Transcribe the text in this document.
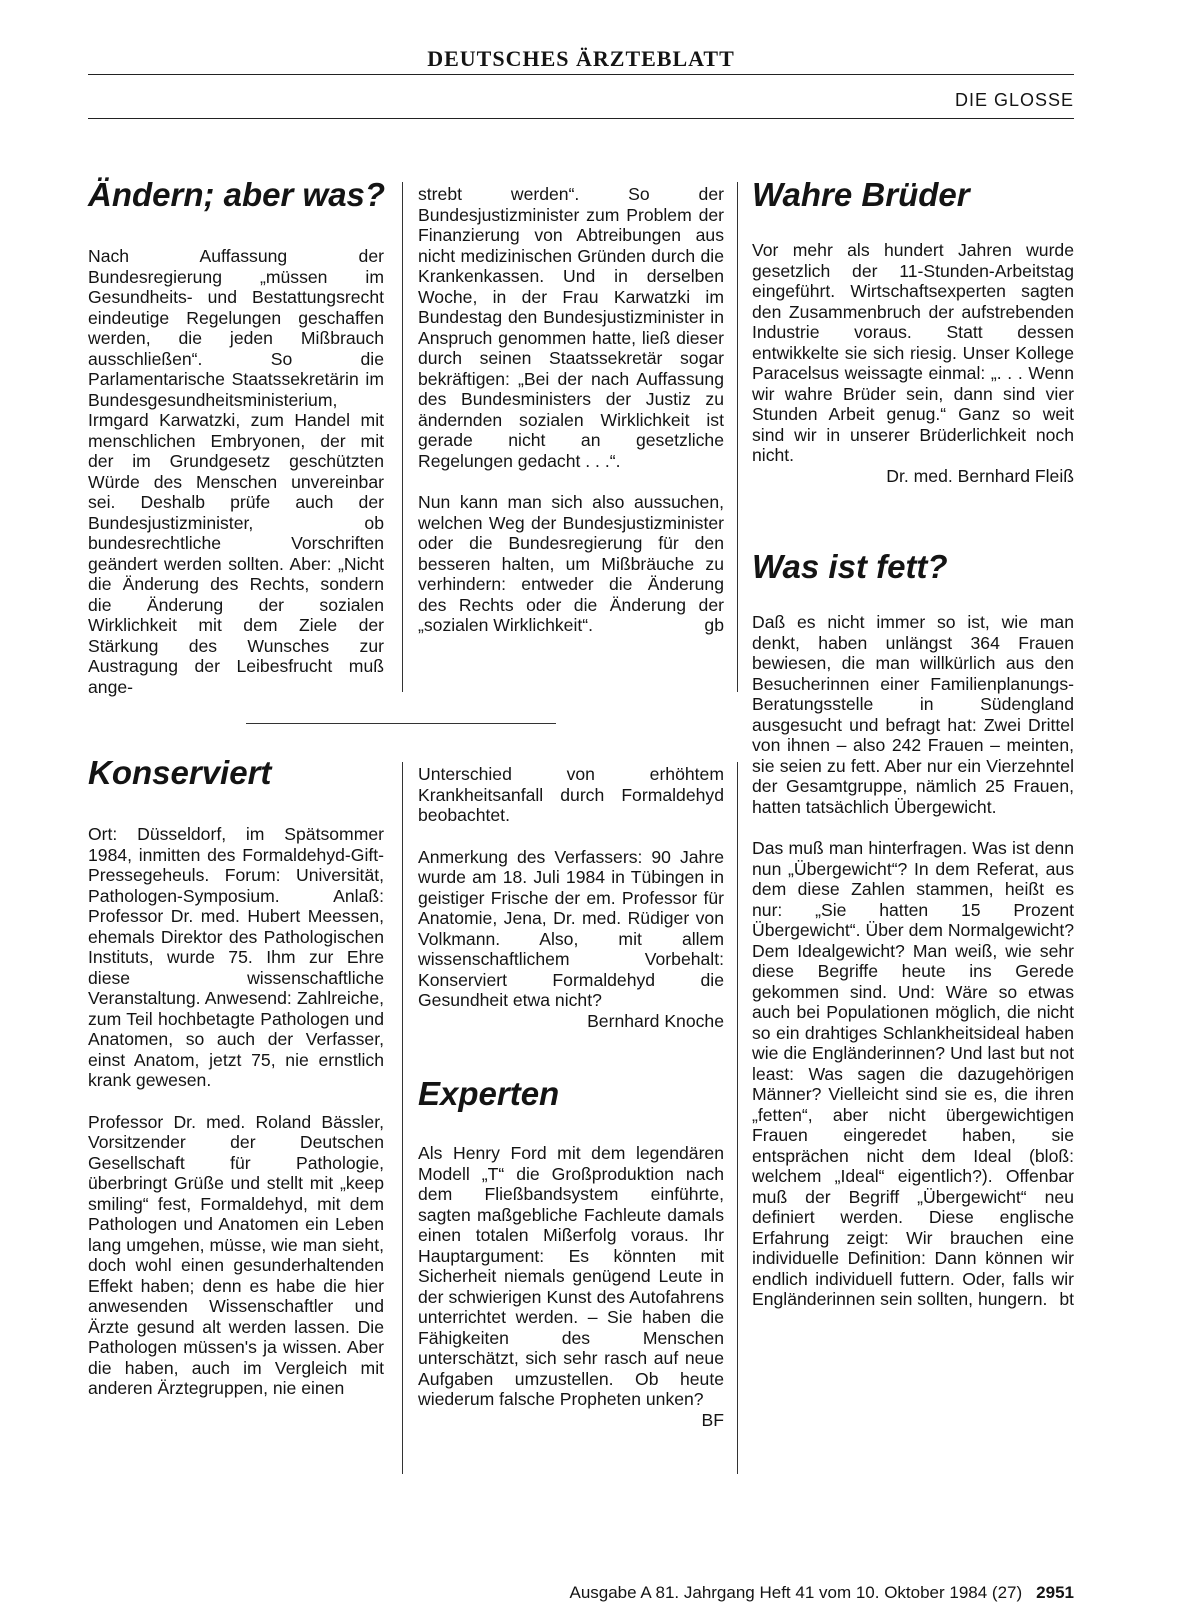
DEUTSCHES ÄRZTEBLATT
DIE GLOSSE
Ändern; aber was?

Nach Auffassung der Bundesregierung „müssen im Gesundheits- und Bestattungsrecht eindeutige Regelungen geschaffen werden, die jeden Mißbrauch ausschließen“. So die Parlamentarische Staatssekretärin im Bundesgesundheitsministerium, Irmgard Karwatzki, zum Handel mit menschlichen Embryonen, der mit der im Grundgesetz geschützten Würde des Menschen unvereinbar sei. Deshalb prüfe auch der Bundesjustizminister, ob bundesrechtliche Vorschriften geändert werden sollten. Aber: „Nicht die Änderung des Rechts, sondern die Änderung der sozialen Wirklichkeit mit dem Ziele der Stärkung des Wunsches zur Austragung der Leibesfrucht muß ange-

strebt werden“. So der Bundesjustizminister zum Problem der Finanzierung von Abtreibungen aus nicht medizinischen Gründen durch die Krankenkassen. Und in derselben Woche, in der Frau Karwatzki im Bundestag den Bundesjustizminister in Anspruch genommen hatte, ließ dieser durch seinen Staatssekretär sogar bekräftigen: „Bei der nach Auffassung des Bundesministers der Justiz zu ändernden sozialen Wirklichkeit ist gerade nicht an gesetzliche Regelungen gedacht . . .“.

Nun kann man sich also aussuchen, welchen Weg der Bundesjustizminister oder die Bundesregierung für den besseren halten, um Mißbräuche zu verhindern: entweder die Änderung des Rechts oder die Änderung der „sozialen Wirklichkeit“.	gb

Konserviert

Ort: Düsseldorf, im Spätsommer 1984, inmitten des Formaldehyd-Gift-Pressegeheuls. Forum: Universität, Pathologen-Symposium. Anlaß: Professor Dr. med. Hubert Meessen, ehemals Direktor des Pathologischen Instituts, wurde 75. Ihm zur Ehre diese wissenschaftliche Veranstaltung. Anwesend: Zahlreiche, zum Teil hochbetagte Pathologen und Anatomen, so auch der Verfasser, einst Anatom, jetzt 75, nie ernstlich krank gewesen.

Professor Dr. med. Roland Bässler, Vorsitzender der Deutschen Gesellschaft für Pathologie, überbringt Grüße und stellt mit „keep smiling“ fest, Formaldehyd, mit dem Pathologen und Anatomen ein Leben lang umgehen, müsse, wie man sieht, doch wohl einen gesunderhaltenden Effekt haben; denn es habe die hier anwesenden Wissenschaftler und Ärzte gesund alt werden lassen. Die Pathologen müssen's ja wissen. Aber die haben, auch im Vergleich mit anderen Ärztegruppen, nie einen

Unterschied von erhöhtem Krankheitsanfall durch Formaldehyd beobachtet.

Anmerkung des Verfassers: 90 Jahre wurde am 18. Juli 1984 in Tübingen in geistiger Frische der em. Professor für Anatomie, Jena, Dr. med. Rüdiger von Volkmann. Also, mit allem wissenschaftlichem Vorbehalt: Konserviert Formaldehyd die Gesundheit etwa nicht?
Bernhard Knoche

Experten

Als Henry Ford mit dem legendären Modell „T“ die Großproduktion nach dem Fließbandsystem einführte, sagten maßgebliche Fachleute damals einen totalen Mißerfolg voraus. Ihr Hauptargument: Es könnten mit Sicherheit niemals genügend Leute in der schwierigen Kunst des Autofahrens unterrichtet werden. – Sie haben die Fähigkeiten des Menschen unterschätzt, sich sehr rasch auf neue Aufgaben umzustellen. Ob heute wiederum falsche Propheten unken?
BF

Wahre Brüder

Vor mehr als hundert Jahren wurde gesetzlich der 11-Stunden-Arbeitstag eingeführt. Wirtschaftsexperten sagten den Zusammenbruch der aufstrebenden Industrie voraus. Statt dessen entwikkelte sie sich riesig. Unser Kollege Paracelsus weissagte einmal: „. . . Wenn wir wahre Brüder sein, dann sind vier Stunden Arbeit genug.“ Ganz so weit sind wir in unserer Brüderlichkeit noch nicht.

Dr. med. Bernhard Fleiß
Was ist fett?

Daß es nicht immer so ist, wie man denkt, haben unlängst 364 Frauen bewiesen, die man willkürlich aus den Besucherinnen einer Familienplanungs-Beratungsstelle in Südengland ausgesucht und befragt hat: Zwei Drittel von ihnen – also 242 Frauen – meinten, sie seien zu fett. Aber nur ein Vierzehntel der Gesamtgruppe, nämlich 25 Frauen, hatten tatsächlich Übergewicht.

Das muß man hinterfragen. Was ist denn nun „Übergewicht“? In dem Referat, aus dem diese Zahlen stammen, heißt es nur: „Sie hatten 15 Prozent Übergewicht“. Über dem Normalgewicht? Dem Idealgewicht? Man weiß, wie sehr diese Begriffe heute ins Gerede gekommen sind. Und: Wäre so etwas auch bei Populationen möglich, die nicht so ein drahtiges Schlankheitsideal haben wie die Engländerinnen? Und last but not least: Was sagen die dazugehörigen Männer? Vielleicht sind sie es, die ihren „fetten“, aber nicht übergewichtigen Frauen eingeredet haben, sie entsprächen nicht dem Ideal (bloß: welchem „Ideal“ eigentlich?). Offenbar muß der Begriff „Übergewicht“ neu definiert werden. Diese englische Erfahrung zeigt: Wir brauchen eine individuelle Definition: Dann können wir endlich individuell futtern. Oder, falls wir Engländerinnen sein sollten, hungern. bt

Ausgabe A 81. Jahrgang Heft 41 vom 10. Oktober 1984 (27) 2951
